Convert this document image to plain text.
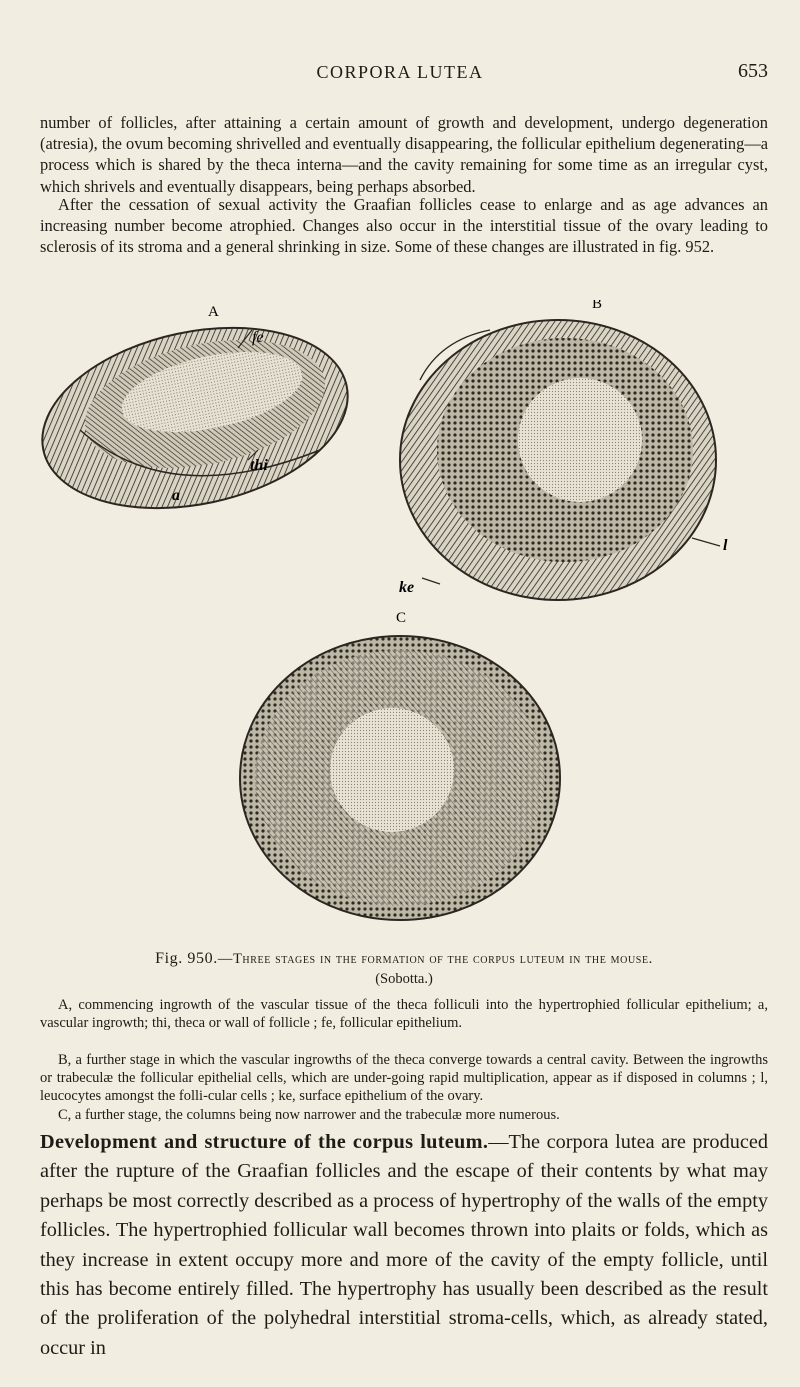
CORPORA LUTEA	653

number of follicles, after attaining a certain amount of growth and development, undergo degeneration (atresia), the ovum becoming shrivelled and eventually disappearing, the follicular epithelium degenerating—a process which is shared by the theca interna—and the cavity remaining for some time as an irregular cyst, which shrivels and eventually disappears, being perhaps absorbed.

After the cessation of sexual activity the Graafian follicles cease to enlarge and as age advances an increasing number become atrophied. Changes also occur in the interstitial tissue of the ovary leading to sclerosis of its stroma and a general shrinking in size. Some of these changes are illustrated in fig. 952.

A
fe
thi
a
B
l
ke
C
Fig. 950.—Three stages in the formation of the corpus luteum in the mouse.
(Sobotta.)

A, commencing ingrowth of the vascular tissue of the theca folliculi into the hypertrophied follicular epithelium; a, vascular ingrowth; thi, theca or wall of follicle ; fe, follicular epithelium.

B, a further stage in which the vascular ingrowths of the theca converge towards a central cavity. Between the ingrowths or trabeculæ the follicular epithelial cells, which are under-going rapid multiplication, appear as if disposed in columns ; l, leucocytes amongst the folli-cular cells ; ke, surface epithelium of the ovary.

C, a further stage, the columns being now narrower and the trabeculæ more numerous.

Development and structure of the corpus luteum.—The corpora lutea are produced after the rupture of the Graafian follicles and the escape of their contents by what may perhaps be most correctly described as a process of hypertrophy of the walls of the empty follicles. The hypertrophied follicular wall becomes thrown into plaits or folds, which as they increase in extent occupy more and more of the cavity of the empty follicle, until this has become entirely filled. The hypertrophy has usually been described as the result of the proliferation of the polyhedral interstitial stroma-cells, which, as already stated, occur in
